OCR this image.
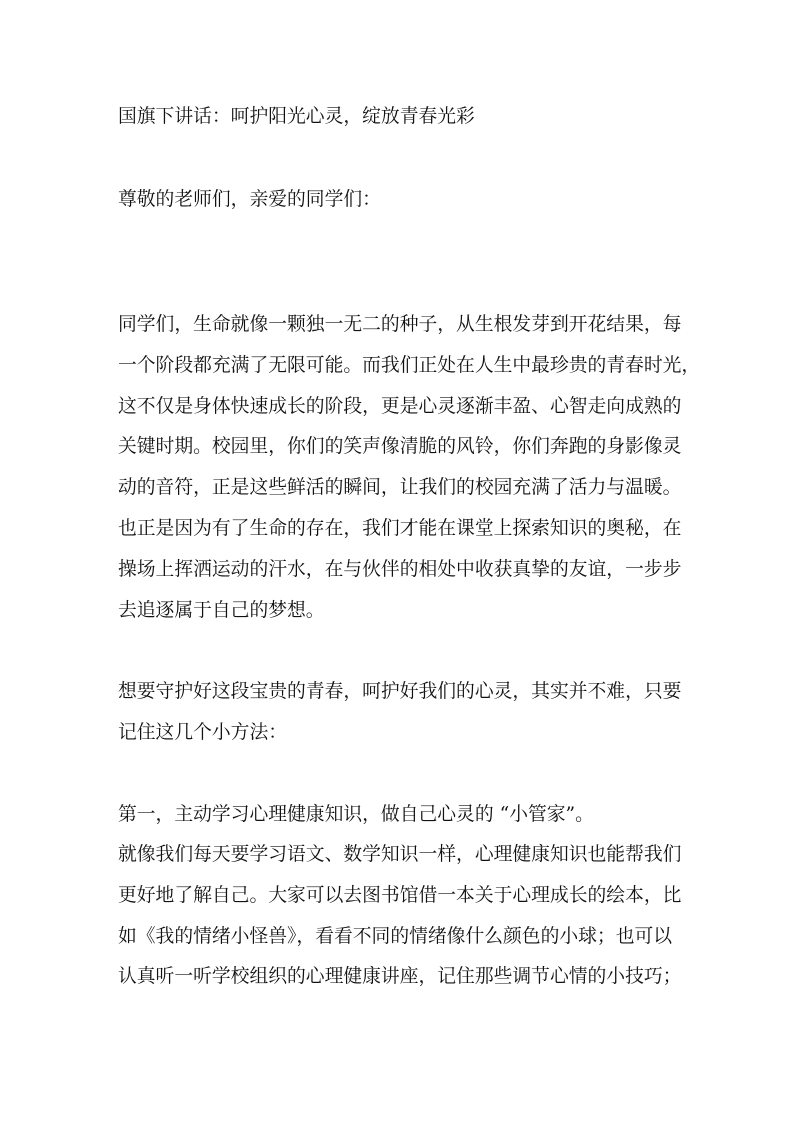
国旗下讲话：呵护阳光心灵，绽放青春光彩
尊敬的老师们，亲爱的同学们：
同学们，生命就像一颗独一无二的种子，从生根发芽到开花结果，每
一个阶段都充满了无限可能。而我们正处在人生中最珍贵的青春时光，
这不仅是身体快速成长的阶段，更是心灵逐渐丰盈、心智走向成熟的
关键时期。校园里，你们的笑声像清脆的风铃，你们奔跑的身影像灵
动的音符，正是这些鲜活的瞬间，让我们的校园充满了活力与温暖。
也正是因为有了生命的存在，我们才能在课堂上探索知识的奥秘，在
操场上挥洒运动的汗水，在与伙伴的相处中收获真挚的友谊，一步步
去追逐属于自己的梦想。
想要守护好这段宝贵的青春，呵护好我们的心灵，其实并不难，只要
记住这几个小方法：
第一，主动学习心理健康知识，做自己心灵的 “小管家”。
就像我们每天要学习语文、数学知识一样，心理健康知识也能帮我们
更好地了解自己。大家可以去图书馆借一本关于心理成长的绘本，比
如《我的情绪小怪兽》，看看不同的情绪像什么颜色的小球；也可以
认真听一听学校组织的心理健康讲座，记住那些调节心情的小技巧；
